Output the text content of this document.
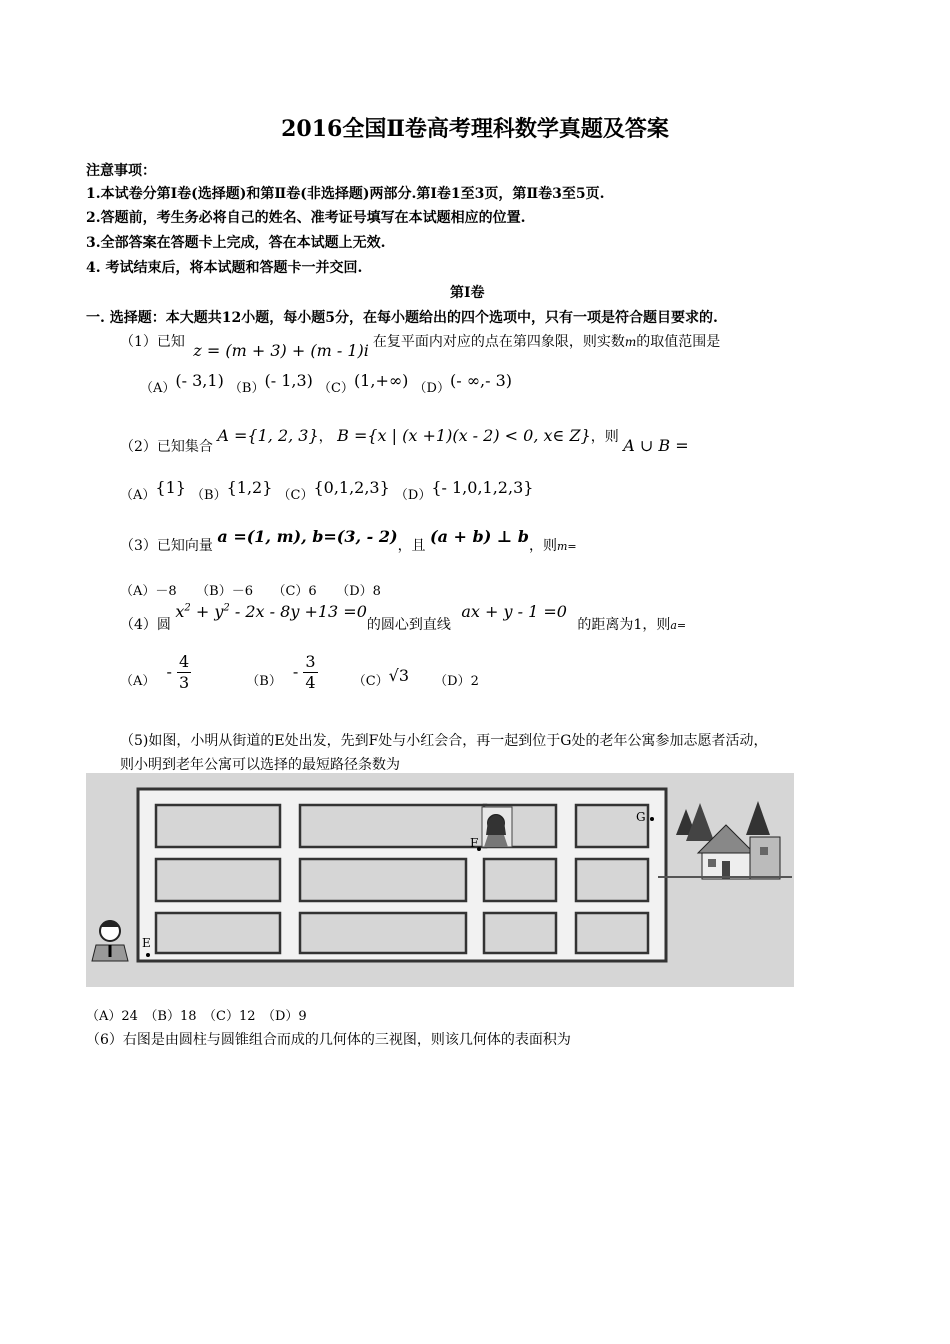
2016全国Ⅱ卷高考理科数学真题及答案
注意事项：
1.本试卷分第Ⅰ卷(选择题)和第Ⅱ卷(非选择题)两部分.第Ⅰ卷1至3页，第Ⅱ卷3至5页.
2.答题前，考生务必将自己的姓名、准考证号填写在本试题相应的位置.
3.全部答案在答题卡上完成，答在本试题上无效.
4. 考试结束后，将本试题和答题卡一并交回.
第Ⅰ卷
一. 选择题：本大题共12小题，每小题5分，在每小题给出的四个选项中，只有一项是符合题目要求的.
（1）已知 z = (m + 3) + (m - 1)i 在复平面内对应的点在第四象限，则实数m的取值范围是
（A）(- 3,1) （B）(- 1,3) （C）(1,+∞) （D）(- ∞,- 3)
（2）已知集合 A ={1, 2, 3}， B ={x | (x +1)(x - 2) < 0, x∈ Z}，则 A ∪ B =
$_{(A)}${1} $_{(B)}${1,2} $_{(C)}${0,1,2,3} $_{(D)}${- 1,0,1,2,3}
（3）已知向量 a =(1, m), b=(3, - 2)，且 (a + b) ⊥ b，则$_{m=}$
（A）－8　　（B）－6　　（C）6　　（D）8
（4）圆 $x^2 + y^2 - 2x - 8y +13 =0$的圆心到直线 ax + y - 1 =0 的距离为1，则$_{a=}$
$_{(A)} - \frac{4}{3}$	$_{(B)} - \frac{3}{4}$	$_{(C)}$√3 $_{(D)2}$
（5)如图，小明从街道的E处出发，先到F处与小红会合，再一起到位于G处的老年公寓参加志愿者活动，
则小明到老年公寓可以选择的最短路径条数为
F
G
E
（A）24　（B）18　（C）12　（D）9
（6）右图是由圆柱与圆锥组合而成的几何体的三视图，则该几何体的表面积为
